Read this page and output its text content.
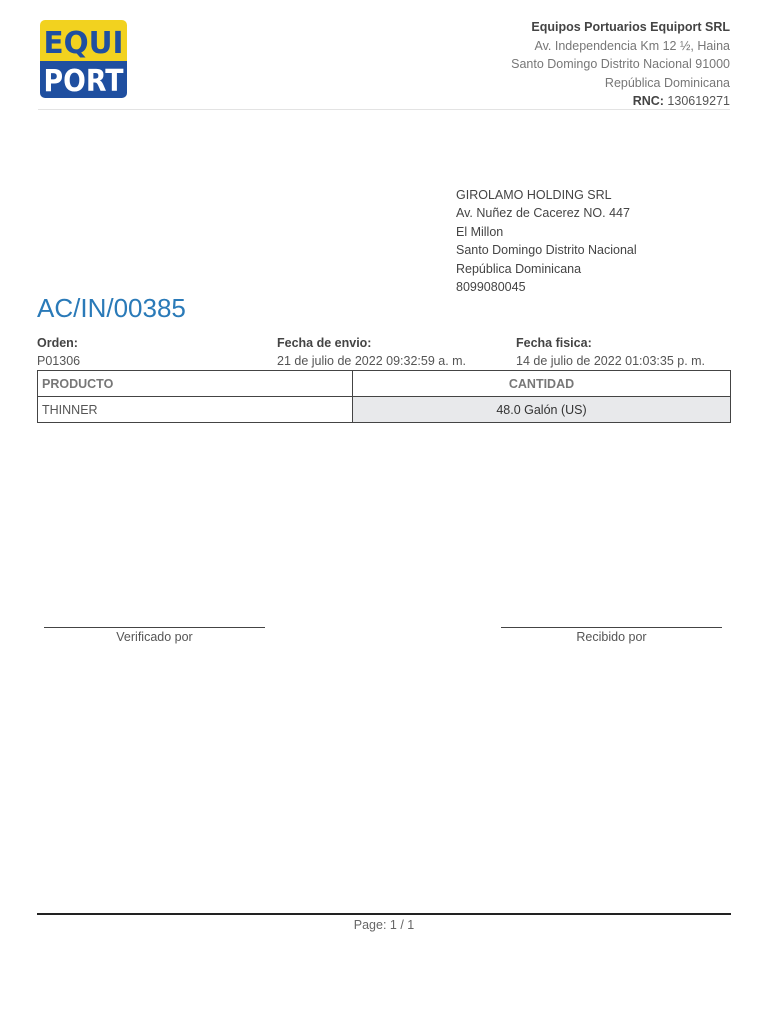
EQUI
PORT
Equipos Portuarios Equiport SRL
Av. Independencia Km 12 ½, Haina
Santo Domingo Distrito Nacional 91000
República Dominicana
RNC: 130619271
GIROLAMO HOLDING SRL
Av. Nuñez de Cacerez NO. 447
El Millon
Santo Domingo Distrito Nacional
República Dominicana
8099080045
AC/IN/00385
Orden:
P01306
Fecha de envio:
21 de julio de 2022 09:32:59 a. m.
Fecha fisica:
14 de julio de 2022 01:03:35 p. m.
PRODUCTO	CANTIDAD
THINNER	48.0 Galón (US)
Verificado por	Recibido por
Page: 1 / 1
